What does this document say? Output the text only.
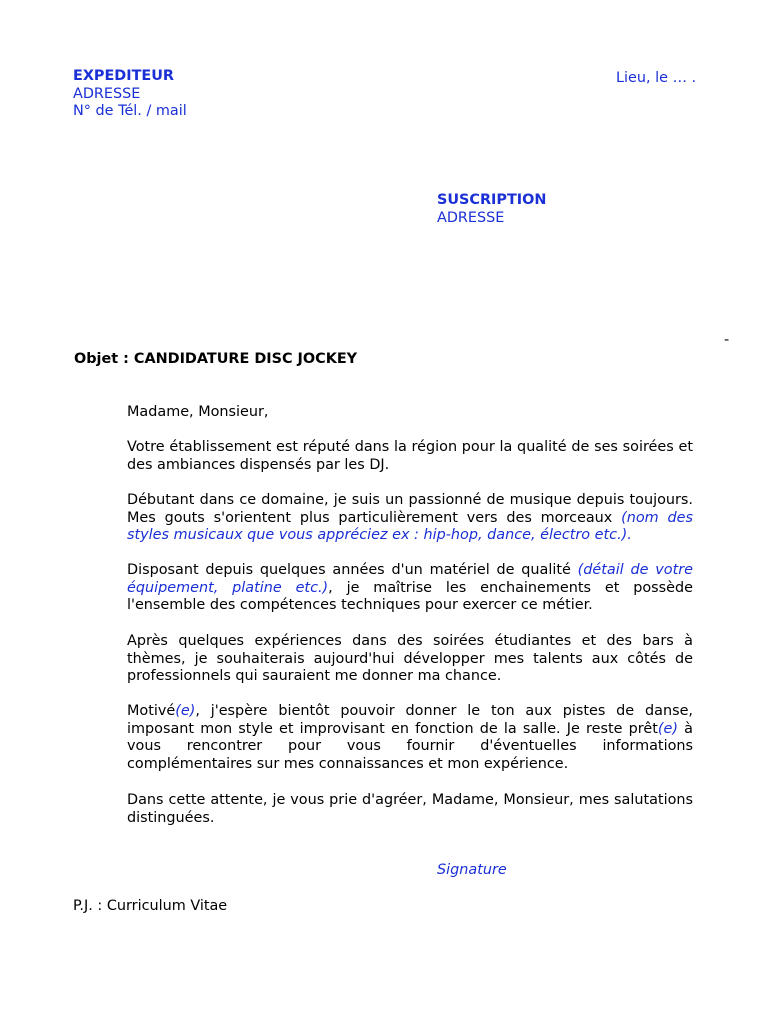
EXPEDITEUR
ADRESSE
N° de Tél. / mail
Lieu, le … .
SUSCRIPTION
ADRESSE
-
Objet : CANDIDATURE DISC JOCKEY
Madame, Monsieur,

Votre établissement est réputé dans la région pour la qualité de ses soirées et des ambiances dispensés par les DJ.

Débutant dans ce domaine, je suis un passionné de musique depuis toujours. Mes gouts s'orientent plus particulièrement vers des morceaux (nom des styles musicaux que vous appréciez ex : hip-hop, dance, électro etc.).

Disposant depuis quelques années d'un matériel de qualité (détail de votre équipement, platine etc.), je maîtrise les enchainements et possède l'ensemble des compétences techniques pour exercer ce métier.

Après quelques expériences dans des soirées étudiantes et des bars à thèmes, je souhaiterais aujourd'hui développer mes talents aux côtés de professionnels qui sauraient me donner ma chance.

Motivé(e), j'espère bientôt pouvoir donner le ton aux pistes de danse, imposant mon style et improvisant en fonction de la salle. Je reste prêt(e) à vous rencontrer pour vous fournir d'éventuelles informations complémentaires sur mes connaissances et mon expérience.

Dans cette attente, je vous prie d'agréer, Madame, Monsieur, mes salutations distinguées.

Signature
P.J. : Curriculum Vitae
